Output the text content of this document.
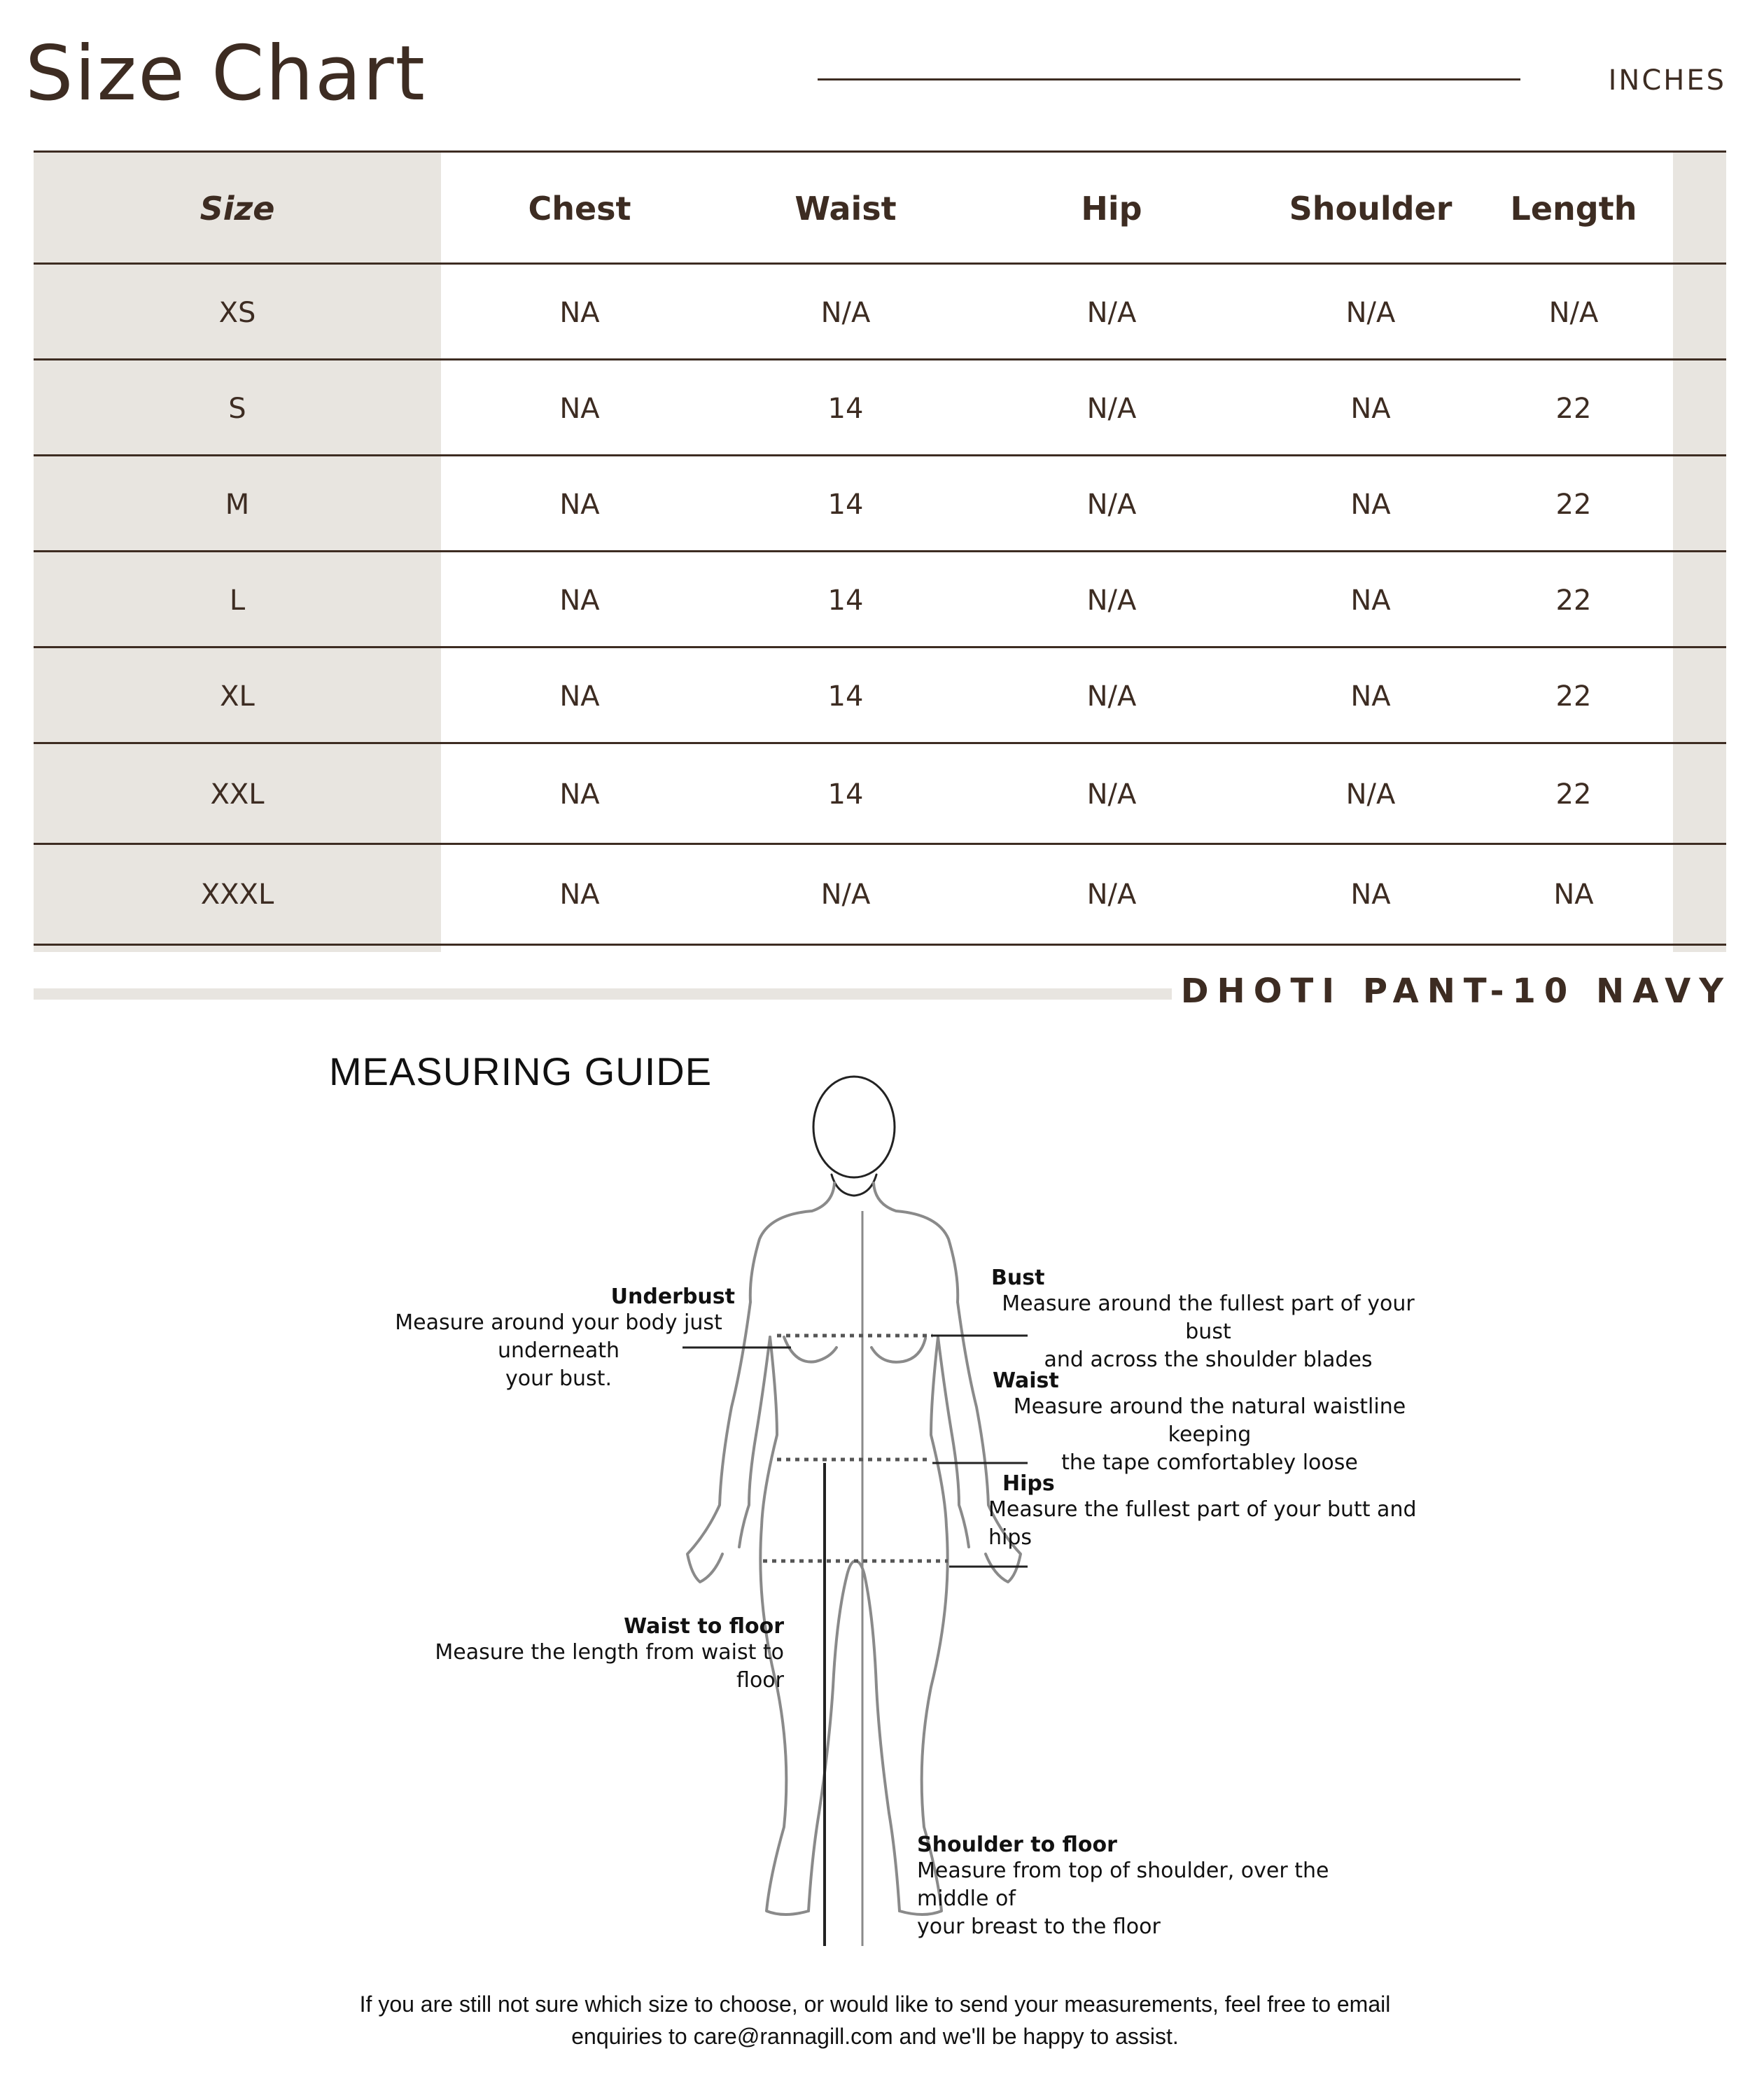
Size Chart	INCHES
Size	Chest	Waist	Hip	Shoulder	Length
XS	NA	N/A	N/A	N/A	N/A
S	NA	14	N/A	NA	22
M	NA	14	N/A	NA	22
L	NA	14	N/A	NA	22
XL	NA	14	N/A	NA	22
XXL	NA	14	N/A	N/A	22
XXXL	NA	N/A	N/A	NA	NA
DHOTI PANT-10 NAVY
MEASURING GUIDE
Underbust
Measure around your body just underneath
your bust.
Bust
Measure around the fullest part of your bust
and across the shoulder blades
Waist
Measure around the natural waistline keeping
the tape comfortabley loose
Hips
Measure the fullest part of your butt and hips
Waist to floor
Measure the length from waist to floor
Shoulder to floor
Measure from top of shoulder, over the middle of
your breast to the floor
If you are still not sure which size to choose, or would like to send your measurements, feel free to email
enquiries to care@rannagill.com and we'll be happy to assist.
